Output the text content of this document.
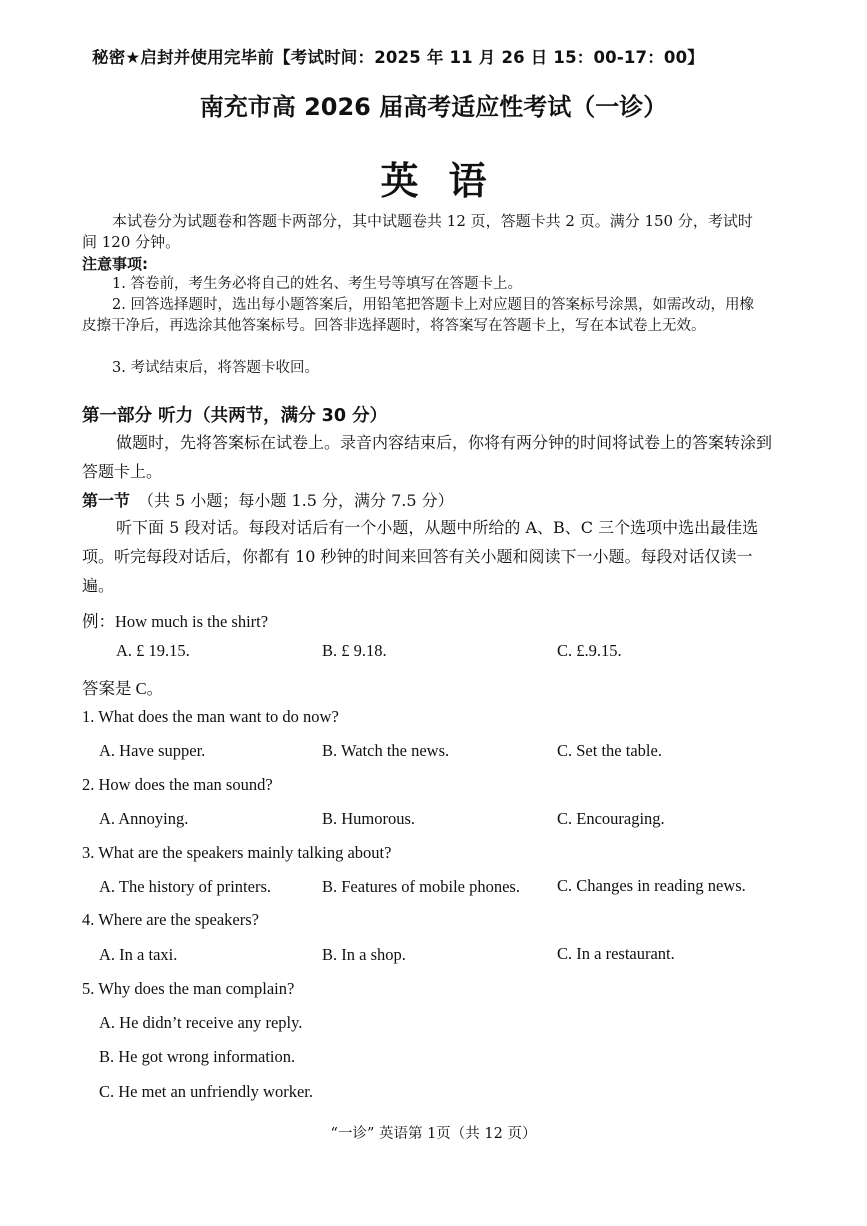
秘密★启封并使用完毕前【考试时间：2025 年 11 月 26 日 15：00-17：00】
南充市高 2026 届高考适应性考试（一诊）
英语
本试卷分为试题卷和答题卡两部分，其中试题卷共 12 页，答题卡共 2 页。满分 150 分，考试时间 120 分钟。
注意事项:
1. 答卷前，考生务必将自己的姓名、考生号等填写在答题卡上。
2. 回答选择题时，选出每小题答案后，用铅笔把答题卡上对应题目的答案标号涂黑，如需改动，用橡皮擦干净后，再选涂其他答案标号。回答非选择题时，将答案写在答题卡上，写在本试卷上无效。
3. 考试结束后，将答题卡收回。
第一部分 听力（共两节，满分 30 分）
做题时，先将答案标在试卷上。录音内容结束后，你将有两分钟的时间将试卷上的答案转涂到答题卡上。
第一节 （共 5 小题；每小题 1.5 分，满分 7.5 分）
听下面 5 段对话。每段对话后有一个小题，从题中所给的 A、B、C 三个选项中选出最佳选项。听完每段对话后，你都有 10 秒钟的时间来回答有关小题和阅读下一小题。每段对话仅读一遍。
例：How much is the shirt?
A. £ 19.15.	B. £ 9.18.	C. £.9.15.
答案是 C。
1. What does the man want to do now?
A. Have supper.	B. Watch the news.	C. Set the table.
2. How does the man sound?
A. Annoying.	B. Humorous.	C. Encouraging.
3. What are the speakers mainly talking about?
A. The history of printers.	B. Features of mobile phones. C. Changes in reading news.
4. Where are the speakers?
A. In a taxi.	B. In a shop.	C. In a restaurant.
5. Why does the man complain?
A. He didn’t receive any reply.
B. He got wrong information.
C. He met an unfriendly worker.
“一诊” 英语第 1页（共 12 页）
